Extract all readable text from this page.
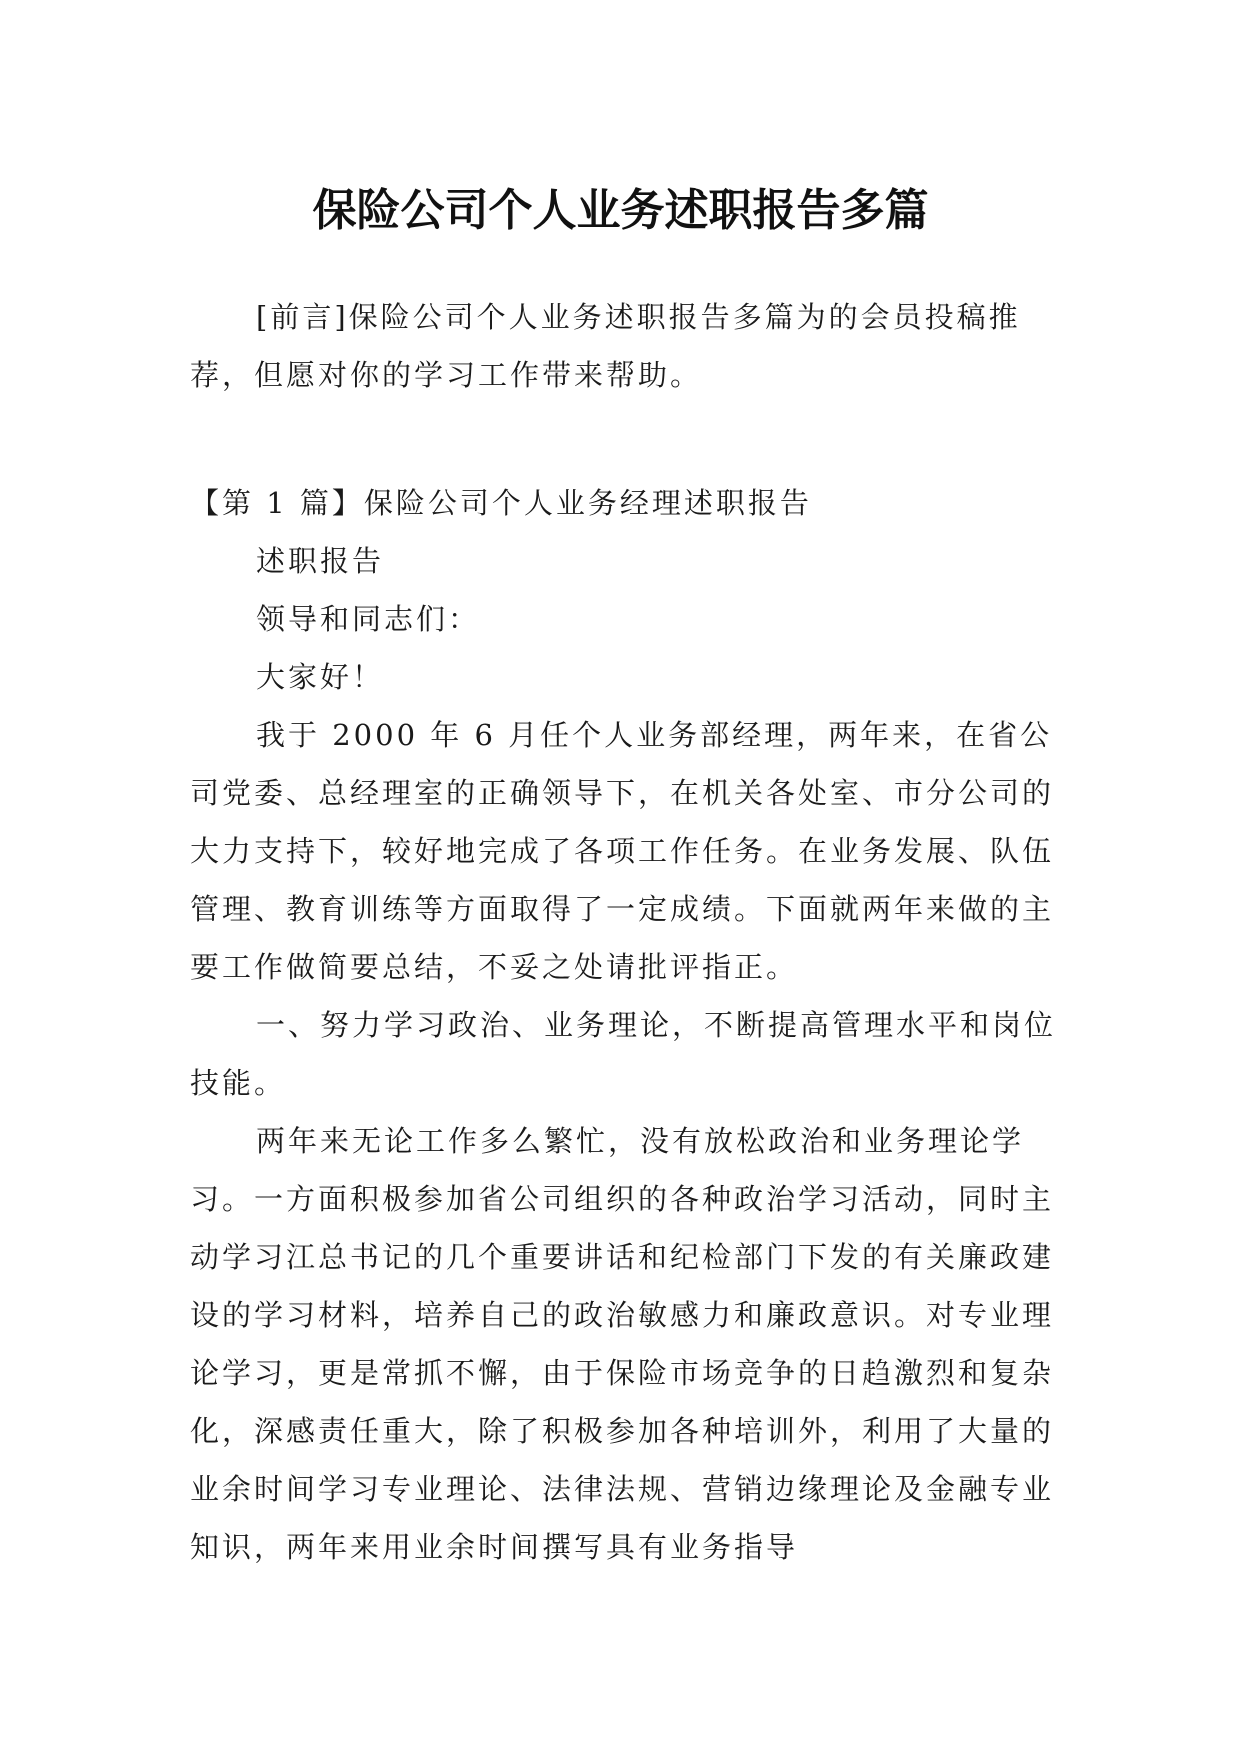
保险公司个人业务述职报告多篇

[前言]保险公司个人业务述职报告多篇为的会员投稿推荐，但愿对你的学习工作带来帮助。

【第 1 篇】保险公司个人业务经理述职报告

述职报告

领导和同志们：

大家好！

我于 2000 年 6 月任个人业务部经理，两年来，在省公司党委、总经理室的正确领导下，在机关各处室、市分公司的大力支持下，较好地完成了各项工作任务。在业务发展、队伍管理、教育训练等方面取得了一定成绩。下面就两年来做的主要工作做简要总结，不妥之处请批评指正。

一、努力学习政治、业务理论，不断提高管理水平和岗位技能。

两年来无论工作多么繁忙，没有放松政治和业务理论学习。一方面积极参加省公司组织的各种政治学习活动，同时主动学习江总书记的几个重要讲话和纪检部门下发的有关廉政建设的学习材料，培养自己的政治敏感力和廉政意识。对专业理论学习，更是常抓不懈，由于保险市场竞争的日趋激烈和复杂化，深感责任重大，除了积极参加各种培训外，利用了大量的业余时间学习专业理论、法律法规、营销边缘理论及金融专业知识，两年来用业余时间撰写具有业务指导
